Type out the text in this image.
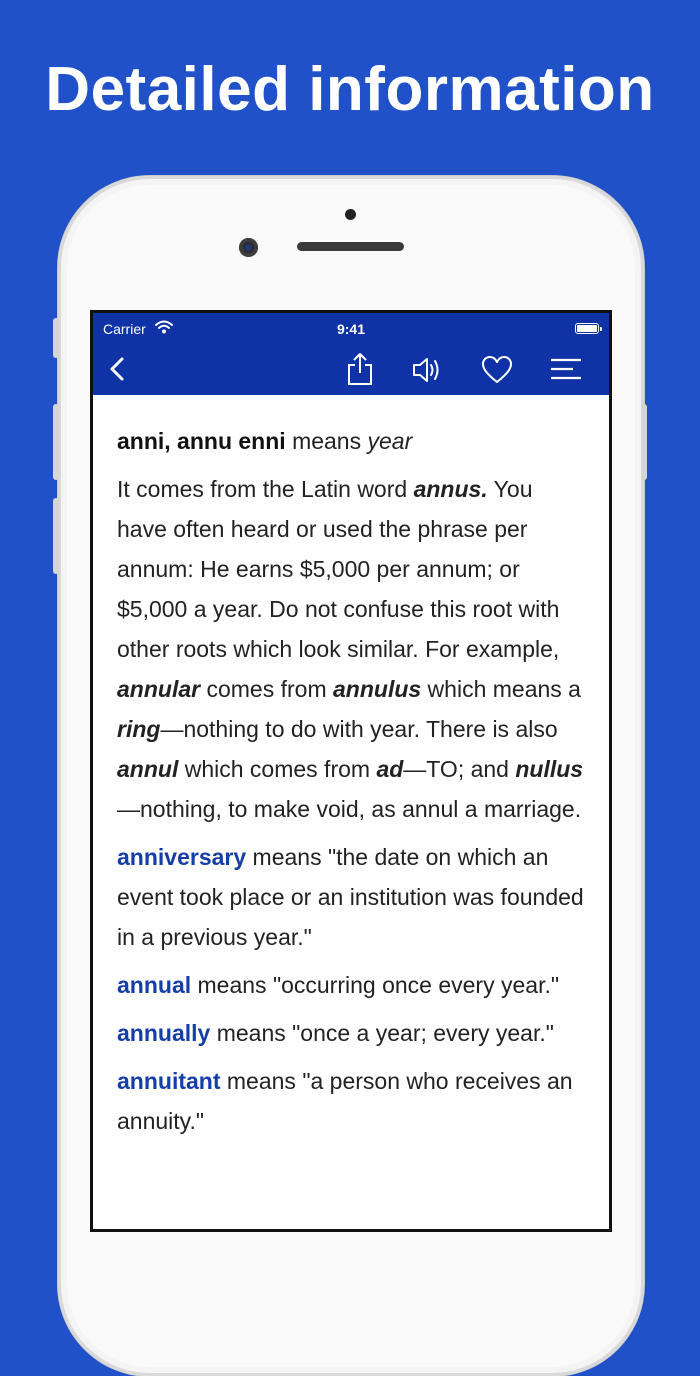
Detailed information
Carrier	9:41

anni, annu enni means year

It comes from the Latin word annus. You have often heard or used the phrase per annum: He earns $5,000 per annum; or $5,000 a year. Do not confuse this root with other roots which look similar. For example, annular comes from annulus which means a ring—nothing to do with year. There is also annul which comes from ad—TO; and nullus—nothing, to make void, as annul a marriage.

anniversary means "the date on which an event took place or an institution was founded in a previous year."

annual means "occurring once every year."

annually means "once a year; every year."

annuitant means "a person who receives an annuity."
